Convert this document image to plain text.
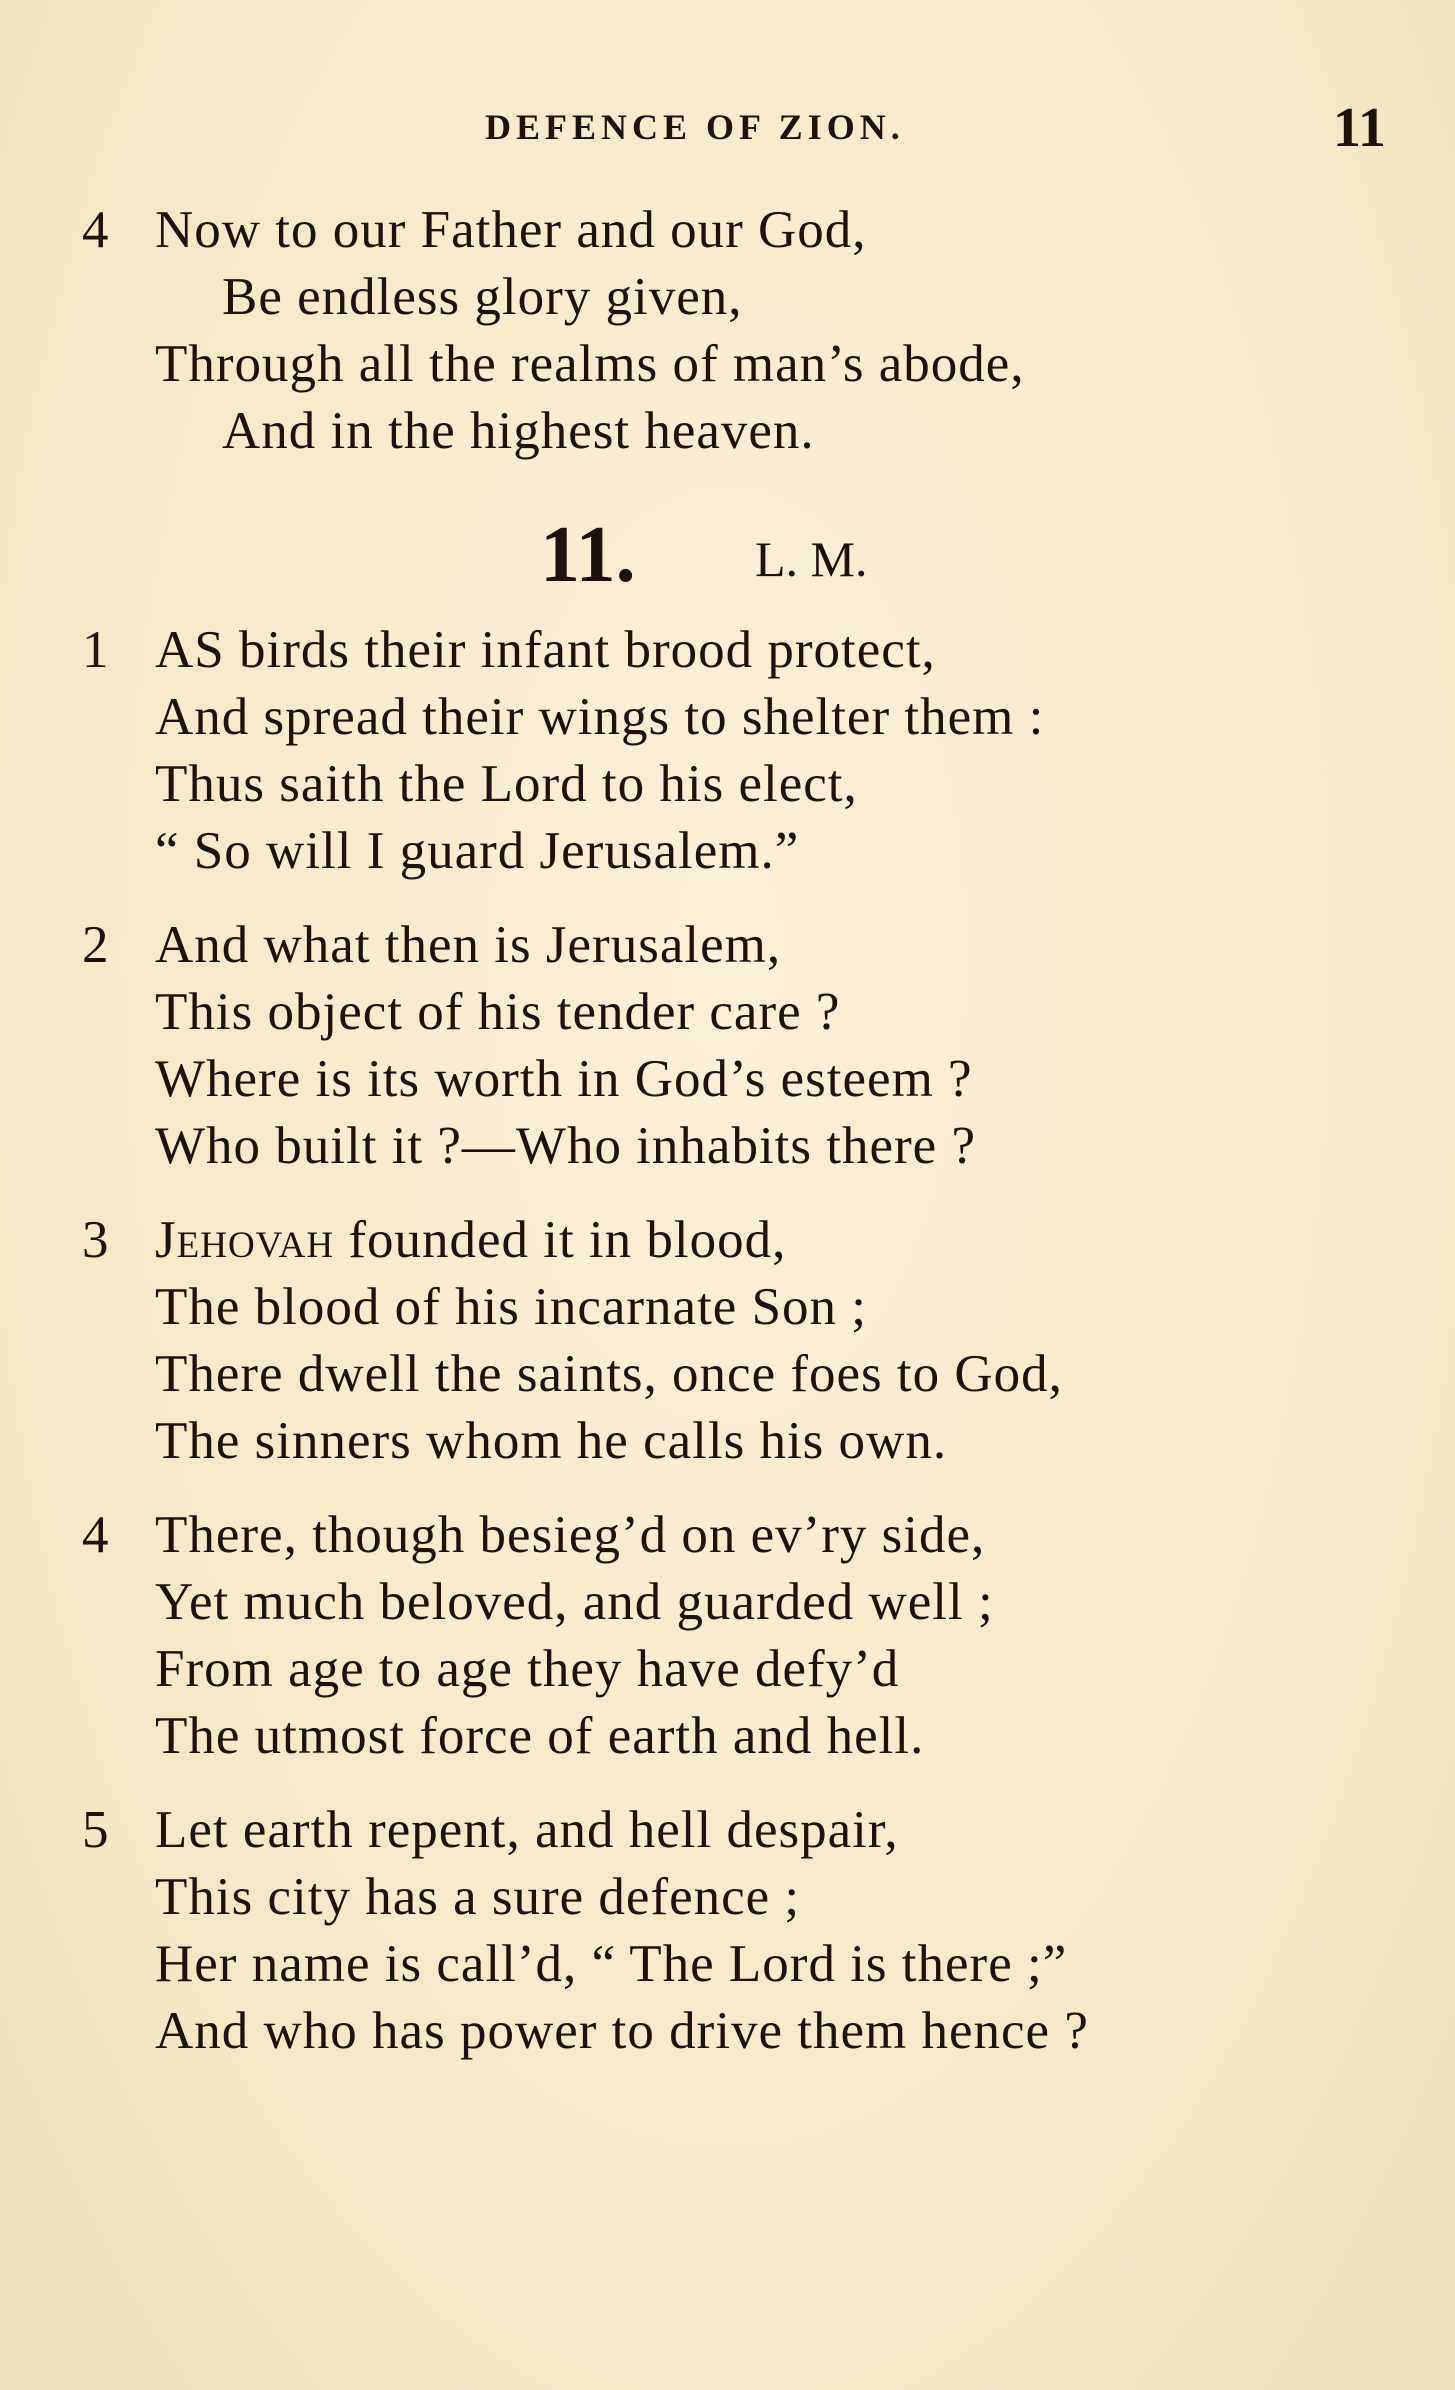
DEFENCE OF ZION.	11
4 Now to our Father and our God,
Be endless glory given,
Through all the realms of man’s abode,
And in the highest heaven.
11. L. M.
1 AS birds their infant brood protect,
And spread their wings to shelter them :
Thus saith the Lord to his elect,
“ So will I guard Jerusalem.”
2 And what then is Jerusalem,
This object of his tender care ?
Where is its worth in God’s esteem ?
Who built it ?—Who inhabits there ?
3 Jehovah founded it in blood,
The blood of his incarnate Son ;
There dwell the saints, once foes to God,
The sinners whom he calls his own.
4 There, though besieg’d on ev’ry side,
Yet much beloved, and guarded well ;
From age to age they have defy’d
The utmost force of earth and hell.
5 Let earth repent, and hell despair,
This city has a sure defence ;
Her name is call’d, “ The Lord is there ;”
And who has power to drive them hence ?
